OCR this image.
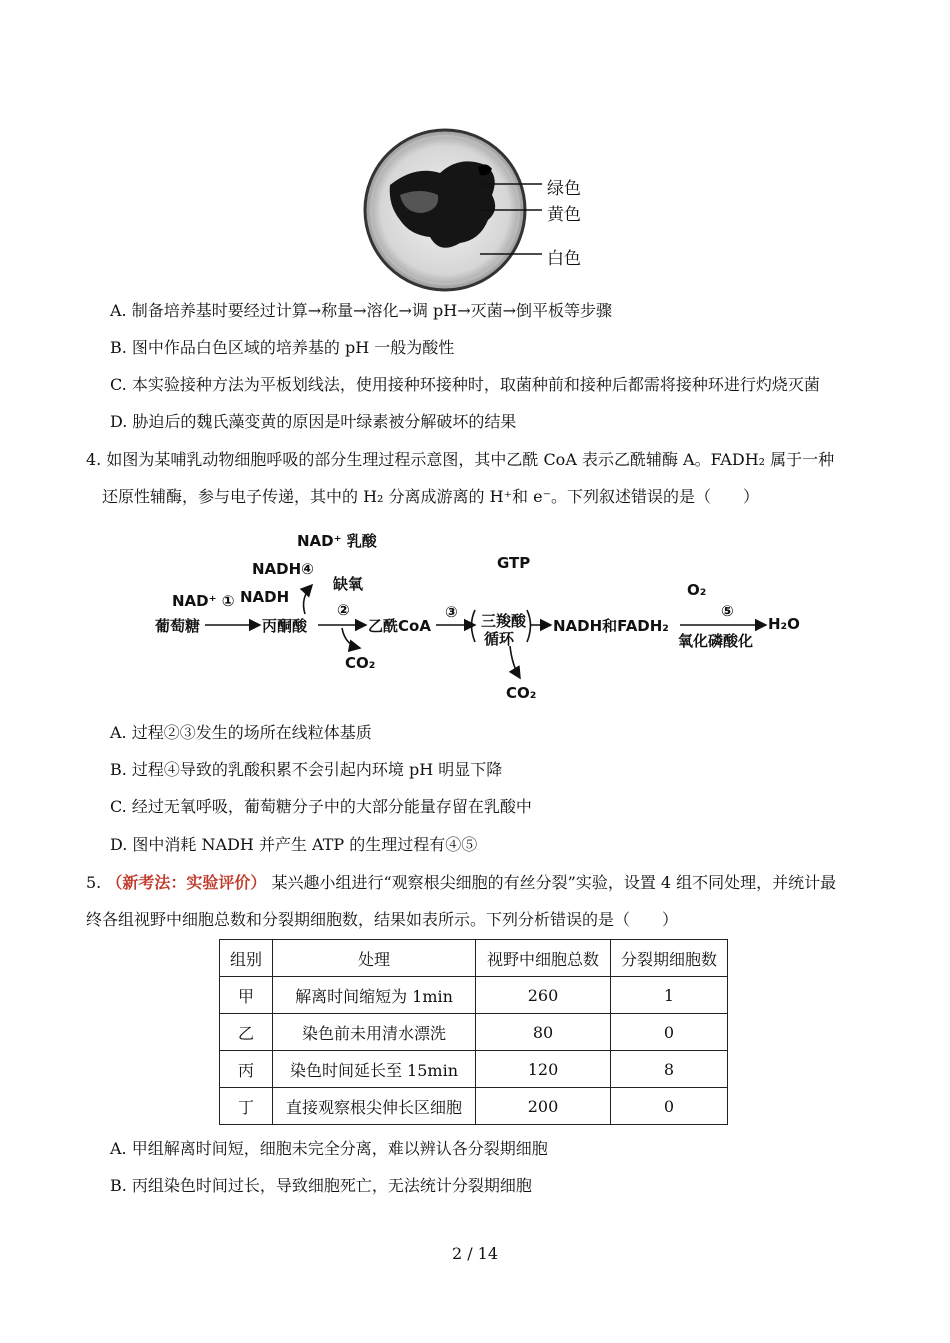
绿色
黄色
白色
A. 制备培养基时要经过计算→称量→溶化→调 pH→灭菌→倒平板等步骤
B. 图中作品白色区域的培养基的 pH 一般为酸性
C. 本实验接种方法为平板划线法，使用接种环接种时，取菌种前和接种后都需将接种环进行灼烧灭菌
D. 胁迫后的魏氏藻变黄的原因是叶绿素被分解破坏的结果
4. 如图为某哺乳动物细胞呼吸的部分生理过程示意图，其中乙酰 CoA 表示乙酰辅酶 A。FADH₂ 属于一种
还原性辅酶，参与电子传递，其中的 H₂ 分离成游离的 H⁺和 e⁻。下列叙述错误的是（　　）
NAD⁺ 乳酸
NADH④
缺氧
NADH
NAD⁺ ①
葡萄糖	丙酮酸
②
乙酰CoA
③
GTP
三羧酸
循环
NADH和FADH₂
O₂
⑤
H₂O
氧化磷酸化
CO₂
CO₂
A. 过程②③发生的场所在线粒体基质
B. 过程④导致的乳酸积累不会引起内环境 pH 明显下降
C. 经过无氧呼吸，葡萄糖分子中的大部分能量存留在乳酸中
D. 图中消耗 NADH 并产生 ATP 的生理过程有④⑤
5. （新考法：实验评价） 某兴趣小组进行“观察根尖细胞的有丝分裂”实验，设置 4 组不同处理，并统计最
终各组视野中细胞总数和分裂期细胞数，结果如表所示。下列分析错误的是（　　）
组别	处理	视野中细胞总数	分裂期细胞数
甲	解离时间缩短为 1min	260	1
乙	染色前未用清水漂洗	80	0
丙	染色时间延长至 15min	120	8
丁	直接观察根尖伸长区细胞	200	0
A. 甲组解离时间短，细胞未完全分离，难以辨认各分裂期细胞
B. 丙组染色时间过长，导致细胞死亡，无法统计分裂期细胞
2 / 14
